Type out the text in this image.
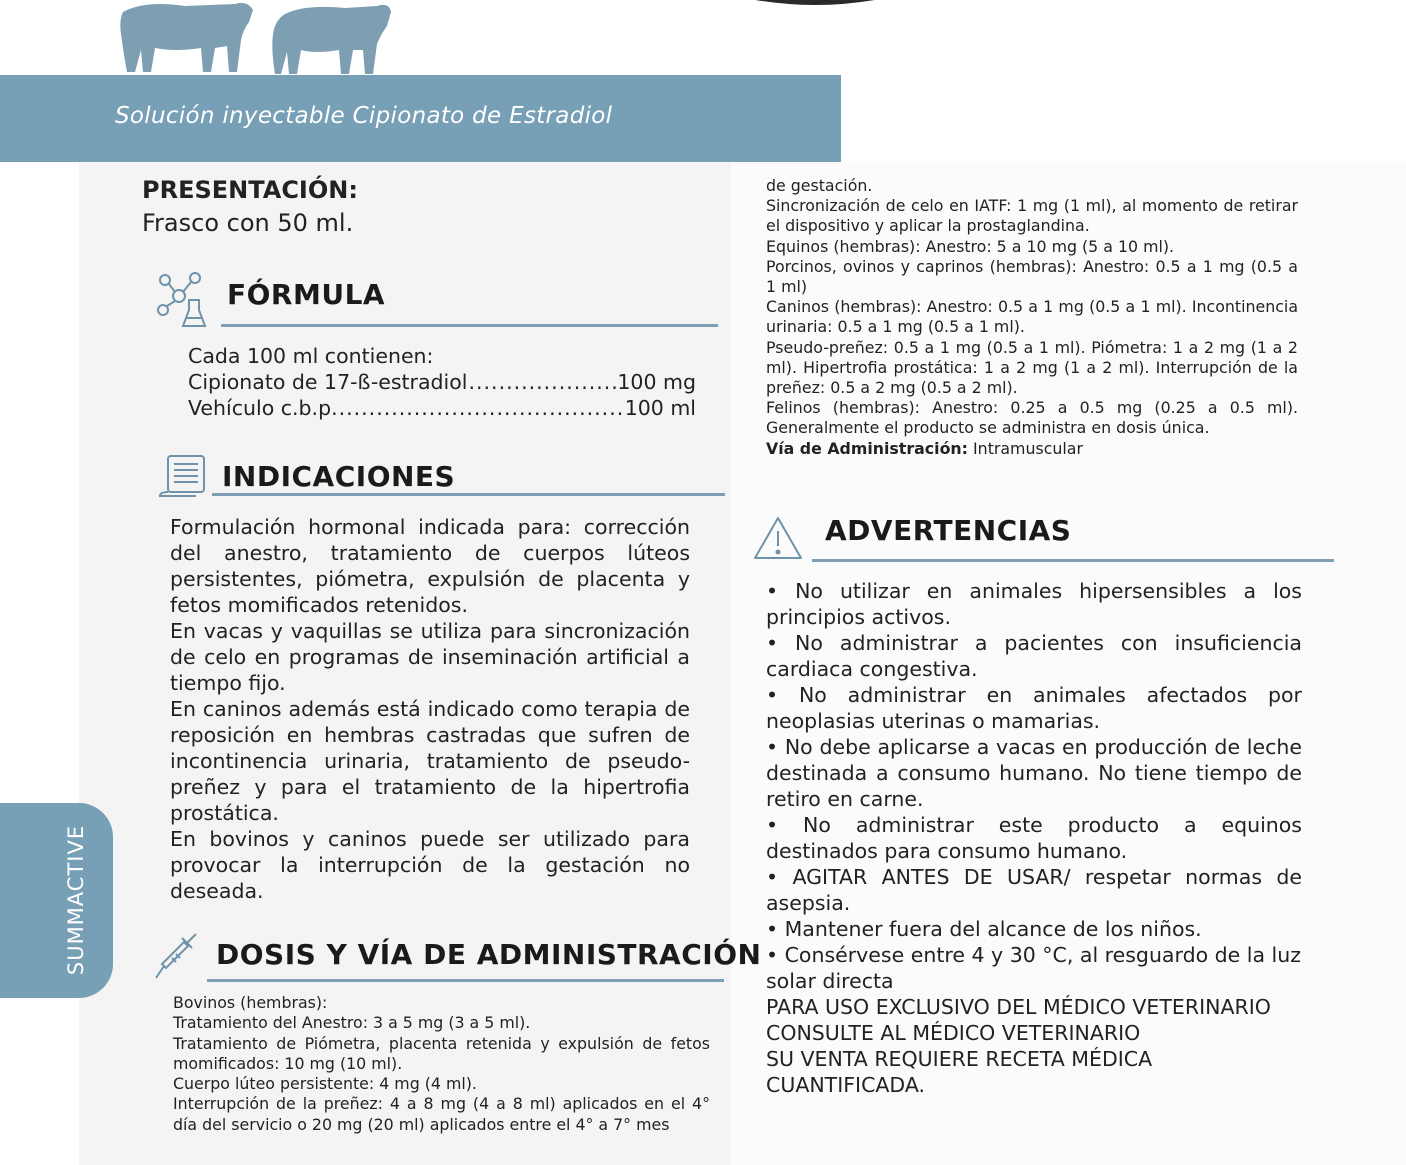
Solución inyectable Cipionato de Estradiol
SUMMACTIVE
PRESENTACIÓN:
Frasco con 50 ml.
FÓRMULA
Cada 100 ml contienen:
Cipionato de 17-ß-estradiol .....	100 mg
Vehículo c.b.p. .....	100 ml
INDICACIONES

Formulación hormonal indicada para: corrección del anestro, tratamiento de cuerpos lúteos persistentes, piómetra, expulsión de placenta y fetos momificados retenidos.

En vacas y vaquillas se utiliza para sincronización de celo en programas de inseminación artificial a tiempo fijo.

En caninos además está indicado como terapia de reposición en hembras castradas que sufren de incontinencia urinaria, tratamiento de pseudo-preñez y para el tratamiento de la hipertrofia prostática.

En bovinos y caninos puede ser utilizado para provocar la interrupción de la gestación no deseada.

DOSIS Y VÍA DE ADMINISTRACIÓN
Bovinos (hembras):
Tratamiento del Anestro: 3 a 5 mg (3 a 5 ml).
Tratamiento de Piómetra, placenta retenida y expulsión de fetos momificados: 10 mg (10 ml).
Cuerpo lúteo persistente: 4 mg (4 ml).
Interrupción de la preñez: 4 a 8 mg (4 a 8 ml) aplicados en el 4° día del servicio o 20 mg (20 ml) aplicados entre el 4° a 7° mes
de gestación.
Sincronización de celo en IATF: 1 mg (1 ml), al momento de retirar el dispositivo y aplicar la prostaglandina.
Equinos (hembras): Anestro: 5 a 10 mg (5 a 10 ml).
Porcinos, ovinos y caprinos (hembras): Anestro: 0.5 a 1 mg (0.5 a 1 ml)
Caninos (hembras): Anestro: 0.5 a 1 mg (0.5 a 1 ml). Incontinencia urinaria: 0.5 a 1 mg (0.5 a 1 ml).
Pseudo-preñez: 0.5 a 1 mg (0.5 a 1 ml). Piómetra: 1 a 2 mg (1 a 2 ml). Hipertrofia prostática: 1 a 2 mg (1 a 2 ml). Interrupción de la preñez: 0.5 a 2 mg (0.5 a 2 ml).
Felinos (hembras): Anestro: 0.25 a 0.5 mg (0.25 a 0.5 ml). Generalmente el producto se administra en dosis única.
Vía de Administración: Intramuscular
ADVERTENCIAS
• No utilizar en animales hipersensibles a los principios activos.
• No administrar a pacientes con insuficiencia cardiaca congestiva.
• No administrar en animales afectados por neoplasias uterinas o mamarias.
• No debe aplicarse a vacas en producción de leche destinada a consumo humano. No tiene tiempo de retiro en carne.
• No administrar este producto a equinos destinados para consumo humano.
• AGITAR ANTES DE USAR/ respetar normas de asepsia.
• Mantener fuera del alcance de los niños.
• Consérvese entre 4 y 30 °C, al resguardo de la luz solar directa
PARA USO EXCLUSIVO DEL MÉDICO VETERINARIO
CONSULTE AL MÉDICO VETERINARIO
SU VENTA REQUIERE RECETA MÉDICA CUANTIFICADA.
